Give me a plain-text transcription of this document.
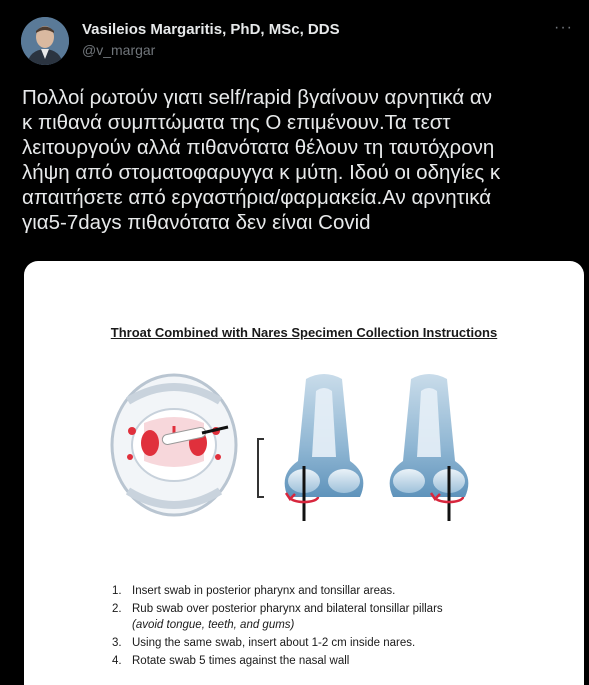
Vasileios Margaritis, PhD, MSc, DDS
@v_margar
···
Πολλοί ρωτούν γιατι self/rapid βγαίνουν αρνητικά αν
κ πιθανά συμπτώματα της Ο επιμένουν.Τα τεστ
λειτουργούν αλλά πιθανότατα θέλουν τη ταυτόχρονη
λήψη από στοματοφαρυγγα κ μύτη. Ιδού οι οδηγίες κ
απαιτήσετε από εργαστήρια/φαρμακεία.Αν αρνητικά
για5-7days πιθανότατα δεν είναι Covid
Throat Combined with Nares Specimen Collection Instructions
1. Insert swab in posterior pharynx and tonsillar areas.
2. Rub swab over posterior pharynx and bilateral tonsillar pillars
(avoid tongue, teeth, and gums)
3. Using the same swab, insert about 1-2 cm inside nares.
4. Rotate swab 5 times against the nasal wall
